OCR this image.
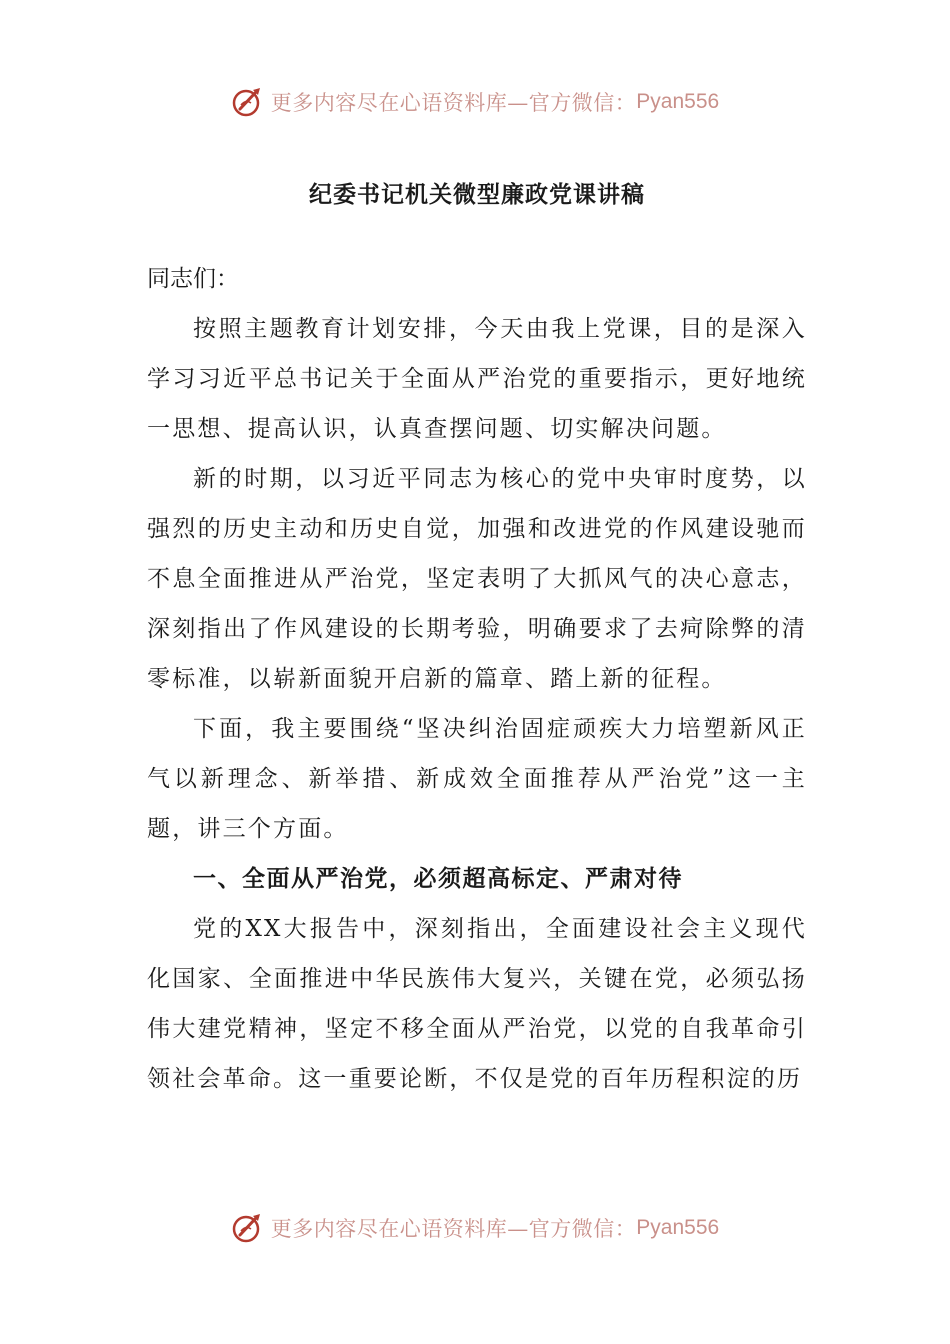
更多内容尽在心语资料库—官方微信： Pyan556
纪委书记机关微型廉政党课讲稿

同志们：

按照主题教育计划安排，今天由我上党课，目的是深入学习习近平总书记关于全面从严治党的重要指示，更好地统一思想、提高认识，认真查摆问题、切实解决问题。

新的时期，以习近平同志为核心的党中央审时度势，以强烈的历史主动和历史自觉，加强和改进党的作风建设驰而不息全面推进从严治党，坚定表明了大抓风气的决心意志，深刻指出了作风建设的长期考验，明确要求了去疴除弊的清零标准，以崭新面貌开启新的篇章、踏上新的征程。

下面，我主要围绕“坚决纠治固症顽疾大力培塑新风正气以新理念、新举措、新成效全面推荐从严治党”这一主题，讲三个方面。

一、全面从严治党，必须超高标定、严肃对待

党的XX大报告中，深刻指出，全面建设社会主义现代化国家、全面推进中华民族伟大复兴，关键在党，必须弘扬伟大建党精神，坚定不移全面从严治党，以党的自我革命引领社会革命。这一重要论断，不仅是党的百年历程积淀的历

更多内容尽在心语资料库—官方微信： Pyan556
